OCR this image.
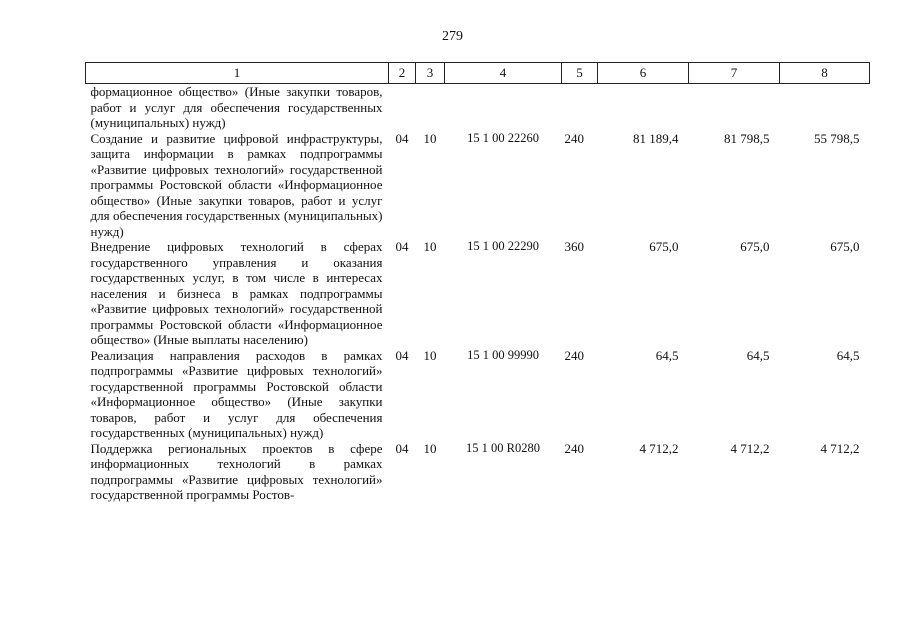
279
1	2	3	4	5	6	7	8
формационное общество» (Иные закупки товаров, работ и услуг для обеспечения государственных (муниципальных) нужд)							
Создание и развитие цифровой инфраструктуры, защита информации в рамках подпрограммы «Развитие цифровых технологий» государственной программы Ростовской области «Информационное общество» (Иные закупки товаров, работ и услуг для обеспечения государственных (муниципальных) нужд)	04	10	15 1 00 22260	240	81 189,4	81 798,5	55 798,5
Внедрение цифровых технологий в сферах государственного управления и оказания государственных услуг, в том числе в интересах населения и бизнеса в рамках подпрограммы «Развитие цифровых технологий» государственной программы Ростовской области «Информационное общество» (Иные выплаты населению)	04	10	15 1 00 22290	360	675,0	675,0	675,0
Реализация направления расходов в рамках подпрограммы «Развитие цифровых технологий» государственной программы Ростовской области «Информационное общество» (Иные закупки товаров, работ и услуг для обеспечения государственных (муниципальных) нужд)	04	10	15 1 00 99990	240	64,5	64,5	64,5
Поддержка региональных проектов в сфере информационных технологий в рамках подпрограммы «Развитие цифровых технологий» государственной программы Ростов-	04	10	15 1 00 R0280	240	4 712,2	4 712,2	4 712,2
